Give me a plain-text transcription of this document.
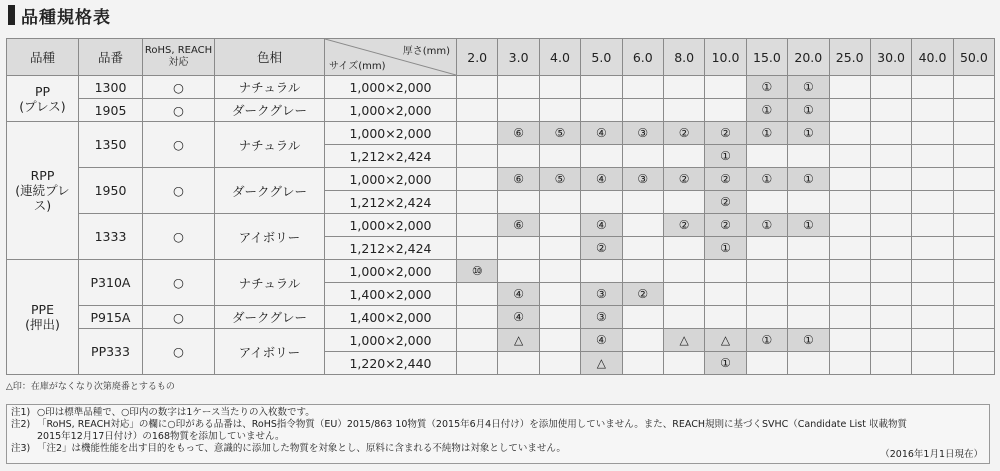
品種規格表
品種	品番	RoHS, REACH対応	色相	厚さ(mm)
サイズ(mm)	2.0	3.0	4.0	5.0	6.0	8.0	10.0	15.0	20.0	25.0	30.0	40.0	50.0
PP
(プレス)	1300	○	ナチュラル	1,000×2,000								①	①				
	1905	○	ダークグレー	1,000×2,000								①	①				
RPP
(連続プレス)	1350	○	ナチュラル	1,000×2,000		⑥	⑤	④	③	②	②	①	①				
				1,212×2,424							①						
	1950	○	ダークグレー	1,000×2,000		⑥	⑤	④	③	②	②	①	①				
				1,212×2,424							②						
	1333	○	アイボリー	1,000×2,000		⑥		④		②	②	①	①				
				1,212×2,424				②			①						
PPE
(押出)	P310A	○	ナチュラル	1,000×2,000	⑩												
				1,400×2,000		④		③	②								
	P915A	○	ダークグレー	1,400×2,000		④		③									
	PP333	○	アイボリー	1,000×2,000		△		④		△	△	①	①				
				1,220×2,440				△			①						
△印：在庫がなくなり次第廃番とするもの
注1) ○印は標準品種で、○印内の数字は1ケース当たりの入枚数です。
注2) 「RoHS, REACH対応」の欄に○印がある品番は、RoHS指令物質（EU）2015/863 10物質（2015年6月4日付け）を添加使用していません。また、REACH規則に基づくSVHC（Candidate List 収載物質
2015年12月17日付け）の168物質を添加していません。
注3) 「注2」は機能性能を出す目的をもって、意識的に添加した物質を対象とし、原料に含まれる不純物は対象としていません。
（2016年1月1日現在）
